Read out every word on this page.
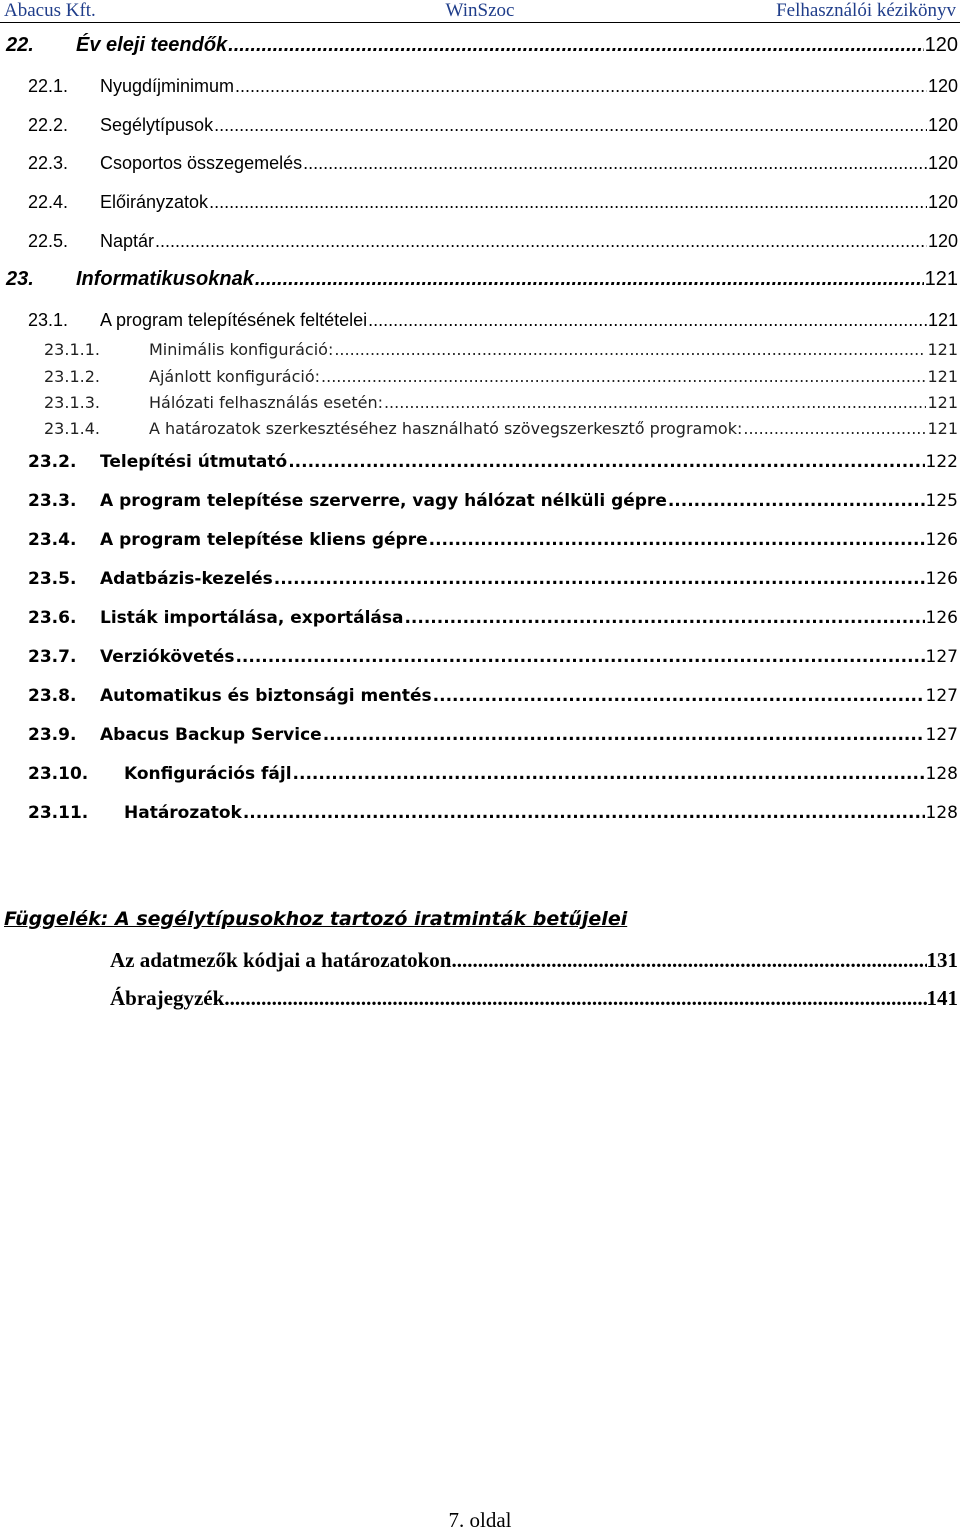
Abacus Kft.	WinSzoc	Felhasználói kézikönyv
22.	Év eleji teendők .....	120
22.1.	Nyugdíjminimum .....	120
22.2.	Segélytípusok .....	120
22.3.	Csoportos összegemelés .....	120
22.4.	Előirányzatok .....	120
22.5.	Naptár .....	120
23.	Informatikusoknak .....	121
23.1.	A program telepítésének feltételei .....	121
23.1.1.	Minimális konfiguráció: .....	121
23.1.2.	Ajánlott konfiguráció: .....	121
23.1.3.	Hálózati felhasználás esetén: .....	121
23.1.4.	A határozatok szerkesztéséhez használható szövegszerkesztő programok: .....	121
23.2.	Telepítési útmutató .....	122
23.3.	A program telepítése szerverre, vagy hálózat nélküli gépre .....	125
23.4.	A program telepítése kliens gépre .....	126
23.5.	Adatbázis-kezelés .....	126
23.6.	Listák importálása, exportálása .....	126
23.7.	Verziókövetés .....	127
23.8.	Automatikus és biztonsági mentés .....	127
23.9.	Abacus Backup Service .....	127
23.10.	Konfigurációs fájl .....	128
23.11.	Határozatok .....	128
Függelék: A segélytípusokhoz tartozó iratminták betűjelei
Az adatmezők kódjai a határozatokon .....	131
Ábrajegyzék .....	141
7. oldal
